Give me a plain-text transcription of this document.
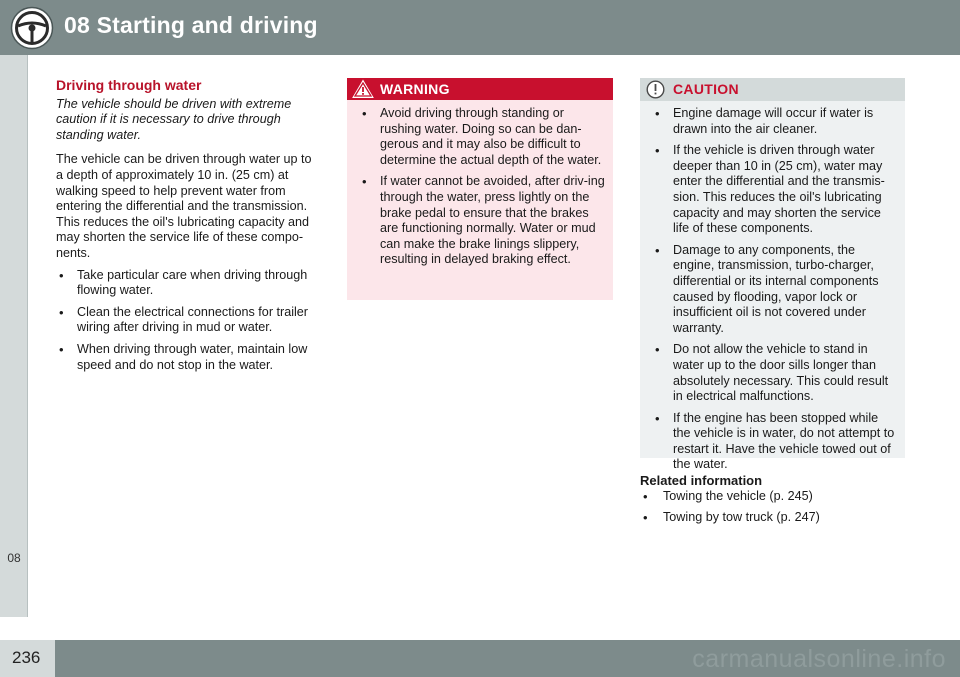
08 Starting and driving
08
236	carmanualsonline.info
Driving through water

The vehicle should be driven with extreme caution if it is necessary to drive through standing water.

The vehicle can be driven through water up to a depth of approximately 10 in. (25 cm) at walking speed to help prevent water from entering the differential and the transmission. This reduces the oil's lubricating capacity and may shorten the service life of these compo-nents.

• Take particular care when driving through flowing water.
• Clean the electrical connections for trailer wiring after driving in mud or water.
• When driving through water, maintain low speed and do not stop in the water.
WARNING
• Avoid driving through standing or rushing water. Doing so can be dan-gerous and it may also be difficult to determine the actual depth of the water.
• If water cannot be avoided, after driv-ing through the water, press lightly on the brake pedal to ensure that the brakes are functioning normally. Water or mud can make the brake linings slippery, resulting in delayed braking effect.
CAUTION
• Engine damage will occur if water is drawn into the air cleaner.
• If the vehicle is driven through water deeper than 10 in (25 cm), water may enter the differential and the transmis-sion. This reduces the oil's lubricating capacity and may shorten the service life of these components.
• Damage to any components, the engine, transmission, turbo-charger, differential or its internal components caused by flooding, vapor lock or insufficient oil is not covered under warranty.
• Do not allow the vehicle to stand in water up to the door sills longer than absolutely necessary. This could result in electrical malfunctions.
• If the engine has been stopped while the vehicle is in water, do not attempt to restart it. Have the vehicle towed out of the water.
Related information
• Towing the vehicle (p. 245)
• Towing by tow truck (p. 247)
